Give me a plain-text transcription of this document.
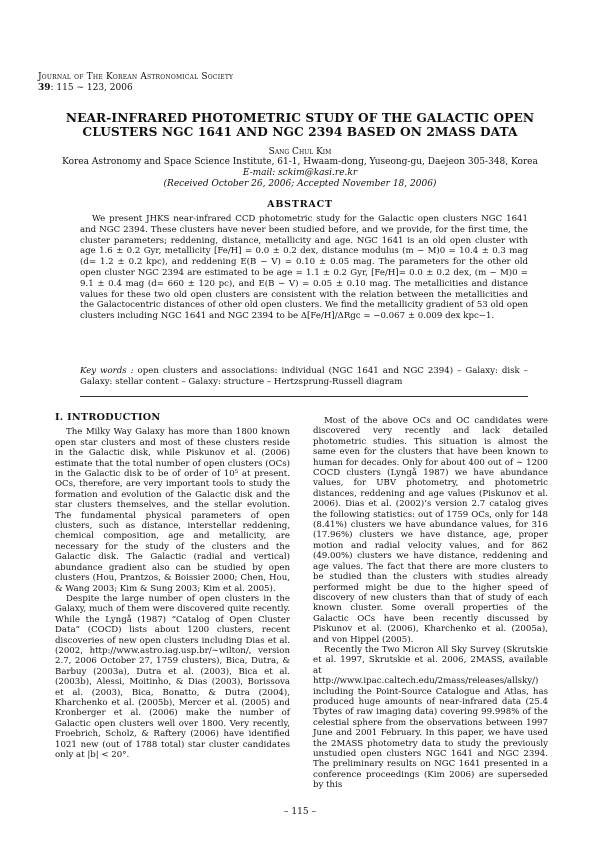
Journal of The Korean Astronomical Society
39: 115 ∼ 123, 2006
NEAR-INFRARED PHOTOMETRIC STUDY OF THE GALACTIC OPEN
CLUSTERS NGC 1641 AND NGC 2394 BASED ON 2MASS DATA
Sang Chul Kim
Korea Astronomy and Space Science Institute, 61-1, Hwaam-dong, Yuseong-gu, Daejeon 305-348, Korea
E-mail: sckim@kasi.re.kr
(Received October 26, 2006; Accepted November 18, 2006)
ABSTRACT

We present JHKS near-infrared CCD photometric study for the Galactic open clusters NGC 1641 and NGC 2394. These clusters have never been studied before, and we provide, for the first time, the cluster parameters; reddening, distance, metallicity and age. NGC 1641 is an old open cluster with age 1.6 ± 0.2 Gyr, metallicity [Fe/H] = 0.0 ± 0.2 dex, distance modulus (m − M)0 = 10.4 ± 0.3 mag (d= 1.2 ± 0.2 kpc), and reddening E(B − V) = 0.10 ± 0.05 mag. The parameters for the other old open cluster NGC 2394 are estimated to be age = 1.1 ± 0.2 Gyr, [Fe/H]= 0.0 ± 0.2 dex, (m − M)0 = 9.1 ± 0.4 mag (d= 660 ± 120 pc), and E(B − V) = 0.05 ± 0.10 mag. The metallicities and distance values for these two old open clusters are consistent with the relation between the metallicities and the Galactocentric distances of other old open clusters. We find the metallicity gradient of 53 old open clusters including NGC 1641 and NGC 2394 to be Δ[Fe/H]/ΔRgc = −0.067 ± 0.009 dex kpc−1.

Key words : open clusters and associations: individual (NGC 1641 and NGC 2394) – Galaxy: disk – Galaxy: stellar content – Galaxy: structure – Hertzsprung-Russell diagram

I. INTRODUCTION

The Milky Way Galaxy has more than 1800 known open star clusters and most of these clusters reside in the Galactic disk, while Piskunov et al. (2006) estimate that the total number of open clusters (OCs) in the Galactic disk to be of order of 10⁵ at present. OCs, therefore, are very important tools to study the formation and evolution of the Galactic disk and the star clusters themselves, and the stellar evolution. The fundamental physical parameters of open clusters, such as distance, interstellar reddening, chemical composition, age and metallicity, are necessary for the study of the clusters and the Galactic disk. The Galactic (radial and vertical) abundance gradient also can be studied by open clusters (Hou, Prantzos, & Boissier 2000; Chen, Hou, & Wang 2003; Kim & Sung 2003; Kim et al. 2005).

Despite the large number of open clusters in the Galaxy, much of them were discovered quite recently. While the Lyngå (1987) “Catalog of Open Cluster Data” (COCD) lists about 1200 clusters, recent discoveries of new open clusters including Dias et al. (2002, http://www.astro.iag.usp.br/∼wilton/, version 2.7, 2006 October 27, 1759 clusters), Bica, Dutra, & Barbuy (2003a), Dutra et al. (2003), Bica et al. (2003b), Alessi, Moitinho, & Dias (2003), Borissova et al. (2003), Bica, Bonatto, & Dutra (2004), Kharchenko et al. (2005b), Mercer et al. (2005) and Kronberger et al. (2006) make the number of Galactic open clusters well over 1800. Very recently, Froebrich, Scholz, & Raftery (2006) have identified 1021 new (out of 1788 total) star cluster candidates only at |b| < 20°.

Most of the above OCs and OC candidates were discovered very recently and lack detailed photometric studies. This situation is almost the same even for the clusters that have been known to human for decades. Only for about 400 out of ∼ 1200 COCD clusters (Lyngå 1987) we have abundance values, for UBV photometry, and photometric distances, reddening and age values (Piskunov et al. 2006). Dias et al. (2002)’s version 2.7 catalog gives the following statistics: out of 1759 OCs, only for 148 (8.41%) clusters we have abundance values, for 316 (17.96%) clusters we have distance, age, proper motion and radial velocity values, and for 862 (49.00%) clusters we have distance, reddening and age values. The fact that there are more clusters to be studied than the clusters with studies already performed might be due to the higher speed of discovery of new clusters than that of study of each known cluster. Some overall properties of the Galactic OCs have been recently discussed by Piskunov et al. (2006), Kharchenko et al. (2005a), and von Hippel (2005).

Recently the Two Micron All Sky Survey (Skrutskie et al. 1997, Skrutskie et al. 2006, 2MASS, available at http://www.ipac.caltech.edu/2mass/releases/allsky/) including the Point-Source Catalogue and Atlas, has produced huge amounts of near-infrared data (25.4 Tbytes of raw imaging data) covering 99.998% of the celestial sphere from the observations between 1997 June and 2001 February. In this paper, we have used the 2MASS photometry data to study the previously unstudied open clusters NGC 1641 and NGC 2394. The preliminary results on NGC 1641 presented in a conference proceedings (Kim 2006) are superseded by this

– 115 –
